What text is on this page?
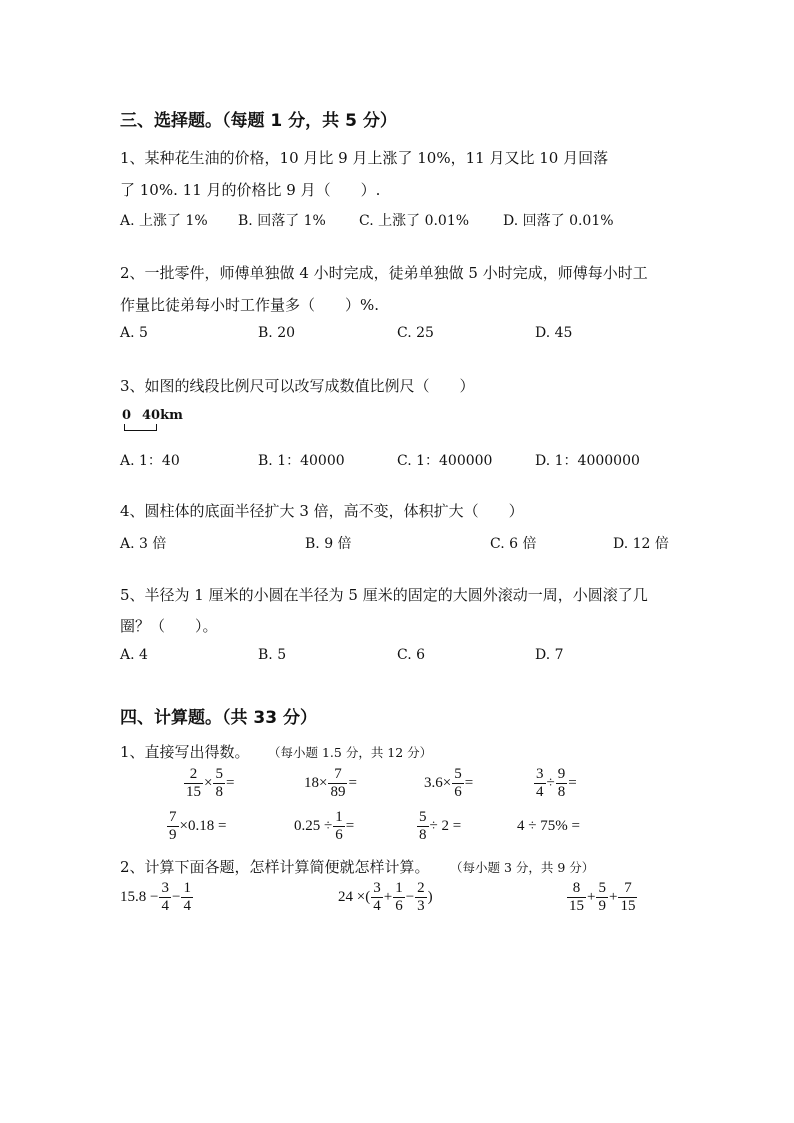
三、选择题。（每题 1 分，共 5 分）
1、某种花生油的价格，10 月比 9 月上涨了 10%，11 月又比 10 月回落
了 10%. 11 月的价格比 9 月（　　）.
A. 上涨了 1% B. 回落了 1% C. 上涨了 0.01% D. 回落了 0.01%
2、一批零件，师傅单独做 4 小时完成，徒弟单独做 5 小时完成，师傅每小时工
作量比徒弟每小时工作量多（　　）%.
A. 5	B. 20	C. 25	D. 45
3、如图的线段比例尺可以改写成数值比例尺（　　）
0 40km
A. 1：40	B. 1：40000	C. 1：400000	D. 1：4000000
4、圆柱体的底面半径扩大 3 倍，高不变，体积扩大（　　）
A. 3 倍	B. 9 倍	C. 6 倍	D. 12 倍
5、半径为 1 厘米的小圆在半径为 5 厘米的固定的大圆外滚动一周，小圆滚了几
圈？（　　）。
A. 4	B. 5	C. 6	D. 7
四、计算题。（共 33 分）
1、直接写出得数。 （每小题 1.5 分，共 12 分）
$\frac{2}{15} \times \frac{5}{8}$ =	$18\times \frac{7}{89}$ =	$3.6\times \frac{5}{6}$ =	$\frac{3}{4} \div \frac{9}{8}$ =
$\frac{7}{9} \times 0.18$ =	$0.25 \div \frac{1}{6}$ =	$\frac{5}{8} \div 2$ =	4 ÷ 75% =
2、计算下面各题，怎样计算简便就怎样计算。 （每小题 3 分，共 9 分）
$15.8 - \frac{3}{4} - \frac{1}{4}$	24 ×( $\frac{3}{4} + \frac{1}{6} - \frac{2}{3}$ )	$\frac{8}{15} + \frac{5}{9} + \frac{7}{15}$
